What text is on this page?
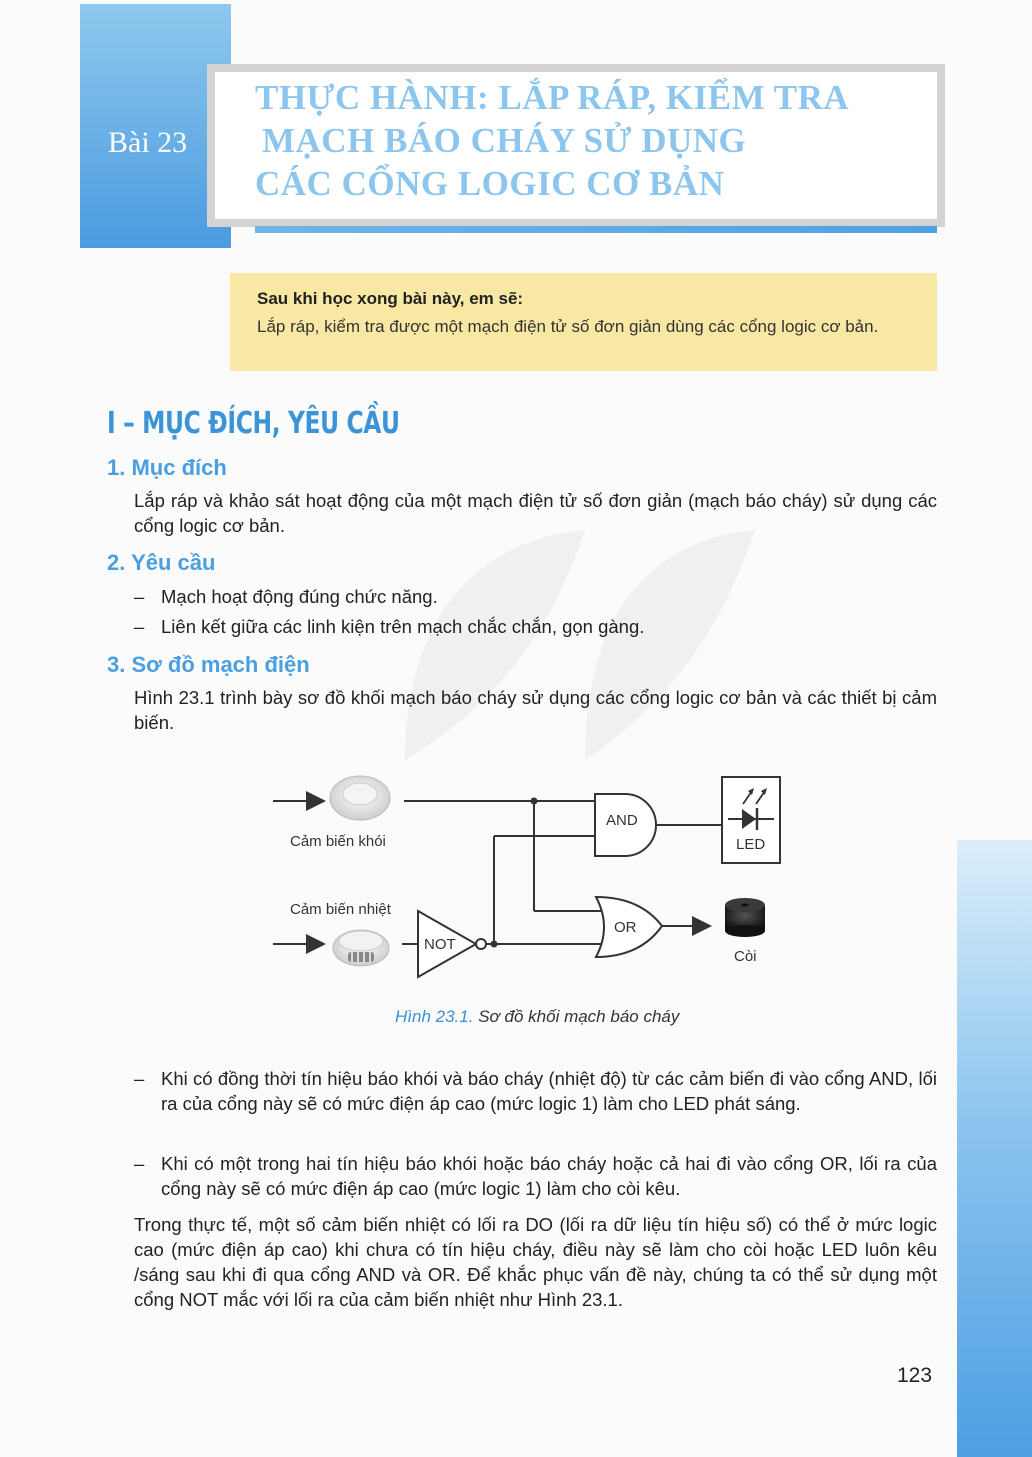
Bài 23
THỰC HÀNH: LẮP RÁP, KIỂM TRA
MẠCH BÁO CHÁY SỬ DỤNG
CÁC CỔNG LOGIC CƠ BẢN
Sau khi học xong bài này, em sẽ:
Lắp ráp, kiểm tra được một mạch điện tử số đơn giản dùng các cổng logic cơ bản.
I – MỤC ĐÍCH, YÊU CẦU
1. Mục đích
Lắp ráp và khảo sát hoạt động của một mạch điện tử số đơn giản (mạch báo cháy) sử dụng các cổng logic cơ bản.
2. Yêu cầu
– Mạch hoạt động đúng chức năng.
– Liên kết giữa các linh kiện trên mạch chắc chắn, gọn gàng.
3. Sơ đồ mạch điện
Hình 23.1 trình bày sơ đồ khối mạch báo cháy sử dụng các cổng logic cơ bản và các thiết bị cảm biến.
Cảm biến khói
Cảm biến nhiệt
NOT
AND
LED
OR
Còi
Hình 23.1. Sơ đồ khối mạch báo cháy
– Khi có đồng thời tín hiệu báo khói và báo cháy (nhiệt độ) từ các cảm biến đi vào cổng AND, lối ra của cổng này sẽ có mức điện áp cao (mức logic 1) làm cho LED phát sáng.
– Khi có một trong hai tín hiệu báo khói hoặc báo cháy hoặc cả hai đi vào cổng OR, lối ra của cổng này sẽ có mức điện áp cao (mức logic 1) làm cho còi kêu.
Trong thực tế, một số cảm biến nhiệt có lối ra DO (lối ra dữ liệu tín hiệu số) có thể ở mức logic cao (mức điện áp cao) khi chưa có tín hiệu cháy, điều này sẽ làm cho còi hoặc LED luôn kêu /sáng sau khi đi qua cổng AND và OR. Để khắc phục vấn đề này, chúng ta có thể sử dụng một cổng NOT mắc với lối ra của cảm biến nhiệt như Hình 23.1.
123
